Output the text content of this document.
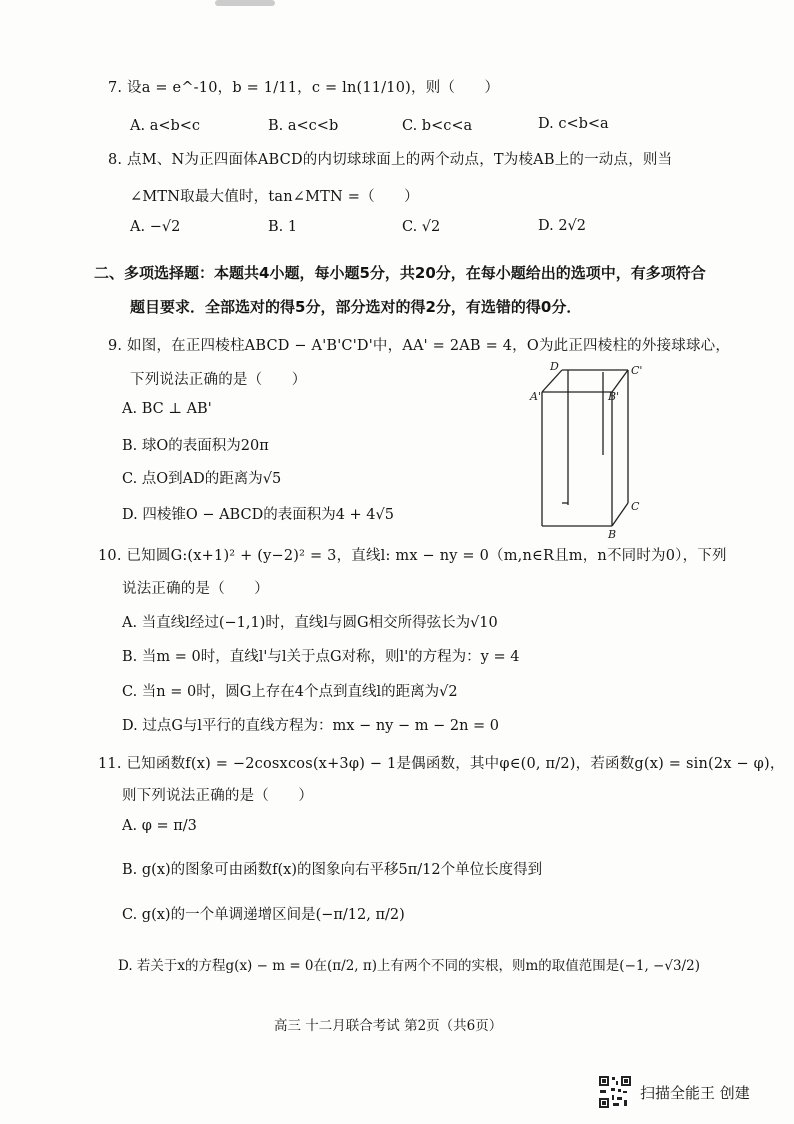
7. 设a = e^-10，b = 1/11，c = ln(11/10)，则（　　）
A. a<b<c	B. a<c<b	C. b<c<a	D. c<b<a
8. 点M、N为正四面体ABCD的内切球球面上的两个动点，T为棱AB上的一动点，则当
∠MTN取最大值时，tan∠MTN =（　　）
A. −√2	B. 1	C. √2	D. 2√2
二、多项选择题：本题共4小题，每小题5分，共20分，在每小题给出的选项中，有多项符合
题目要求．全部选对的得5分，部分选对的得2分，有选错的得0分．
9. 如图，在正四棱柱ABCD − A'B'C'D'中，AA' = 2AB = 4，O为此正四棱柱的外接球球心，
下列说法正确的是（　　）
A. BC ⊥ AB'
B. 球O的表面积为20π
C. 点O到AD的距离为√5
D. 四棱锥O − ABCD的表面积为4 + 4√5
D	C'
A'	B'
C
B
10. 已知圆G:(x+1)² + (y−2)² = 3，直线l: mx − ny = 0（m,n∈R且m，n不同时为0），下列
说法正确的是（　　）
A. 当直线l经过(−1,1)时，直线l与圆G相交所得弦长为√10
B. 当m = 0时，直线l'与l关于点G对称，则l'的方程为：y = 4
C. 当n = 0时，圆G上存在4个点到直线l的距离为√2
D. 过点G与l平行的直线方程为：mx − ny − m − 2n = 0
11. 已知函数f(x) = −2cosxcos(x+3φ) − 1是偶函数，其中φ∈(0, π/2)，若函数g(x) = sin(2x − φ)，
则下列说法正确的是（　　）
A. φ = π/3
B. g(x)的图象可由函数f(x)的图象向右平移5π/12个单位长度得到
C. g(x)的一个单调递增区间是(−π/12, π/2)
D. 若关于x的方程g(x) − m = 0在(π/2, π)上有两个不同的实根，则m的取值范围是(−1, −√3/2)
高三 十二月联合考试 第2页（共6页）
扫描全能王 创建
